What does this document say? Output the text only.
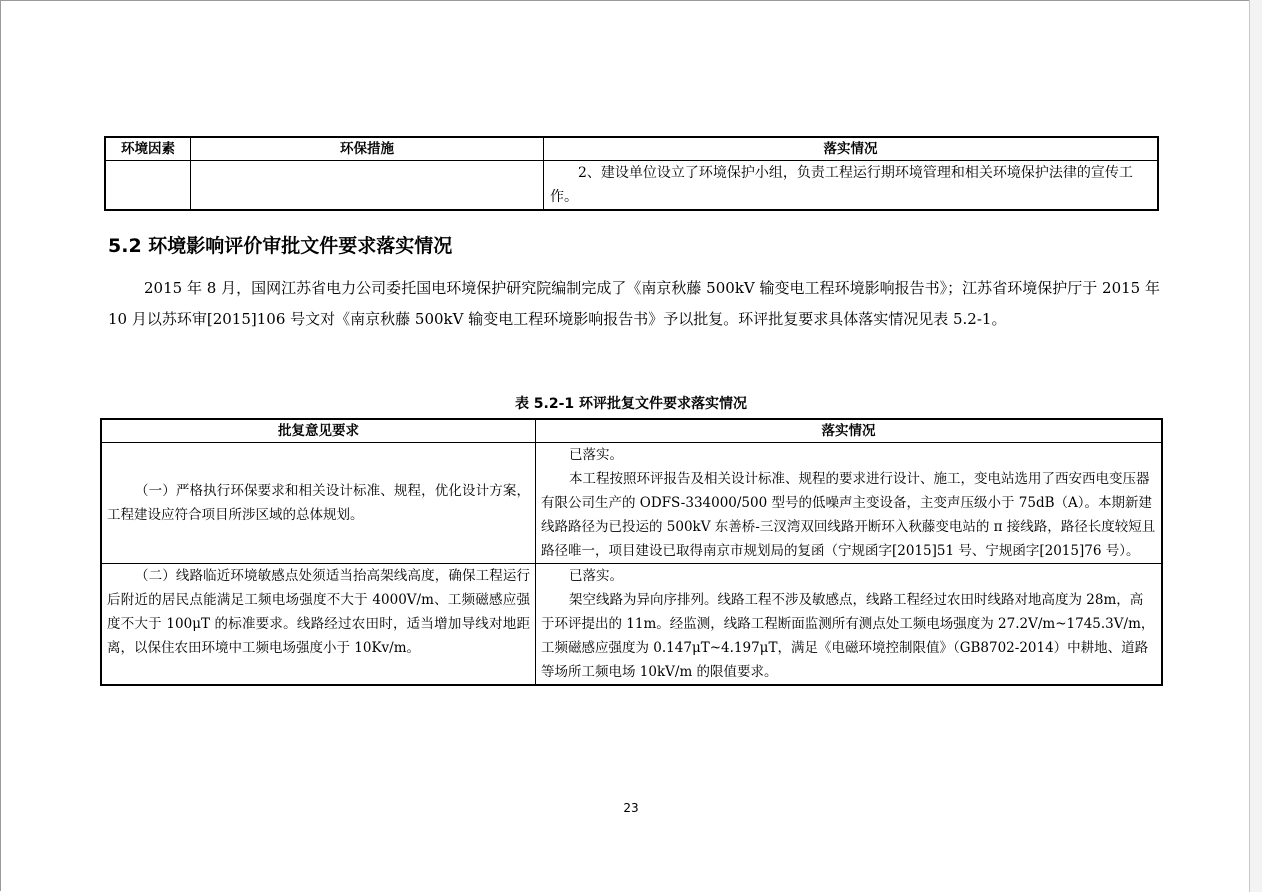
环境因素	环保措施	落实情况

		2、建设单位设立了环境保护小组，负责工程运行期环境管理和相关环境保护法律的宣传工作。

5.2 环境影响评价审批文件要求落实情况

2015 年 8 月，国网江苏省电力公司委托国电环境保护研究院编制完成了《南京秋藤 500kV 输变电工程环境影响报告书》；江苏省环境保护厅于 2015 年 10 月以苏环审[2015]106 号文对《南京秋藤 500kV 输变电工程环境影响报告书》予以批复。环评批复要求具体落实情况见表 5.2-1。

表 5.2-1 环评批复文件要求落实情况

批复意见要求	落实情况

（一）严格执行环保要求和相关设计标准、规程，优化设计方案，工程建设应符合项目所涉区域的总体规划。	已落实。

本工程按照环评报告及相关设计标准、规程的要求进行设计、施工，变电站选用了西安西电变压器有限公司生产的 ODFS-334000/500 型号的低噪声主变设备，主变声压级小于 75dB（A）。本期新建线路路径为已投运的 500kV 东善桥-三汊湾双回线路开断环入秋藤变电站的 π 接线路，路径长度较短且路径唯一，项目建设已取得南京市规划局的复函（宁规函字[2015]51 号、宁规函字[2015]76 号）。

（二）线路临近环境敏感点处须适当抬高架线高度，确保工程运行后附近的居民点能满足工频电场强度不大于 4000V/m、工频磁感应强度不大于 100μT 的标准要求。线路经过农田时，适当增加导线对地距离，以保住农田环境中工频电场强度小于 10Kv/m。	已落实。

架空线路为异向序排列。线路工程不涉及敏感点，线路工程经过农田时线路对地高度为 28m，高于环评提出的 11m。经监测，线路工程断面监测所有测点处工频电场强度为 27.2V/m~1745.3V/m，工频磁感应强度为 0.147μT~4.197μT，满足《电磁环境控制限值》（GB8702-2014）中耕地、道路等场所工频电场 10kV/m 的限值要求。

23
